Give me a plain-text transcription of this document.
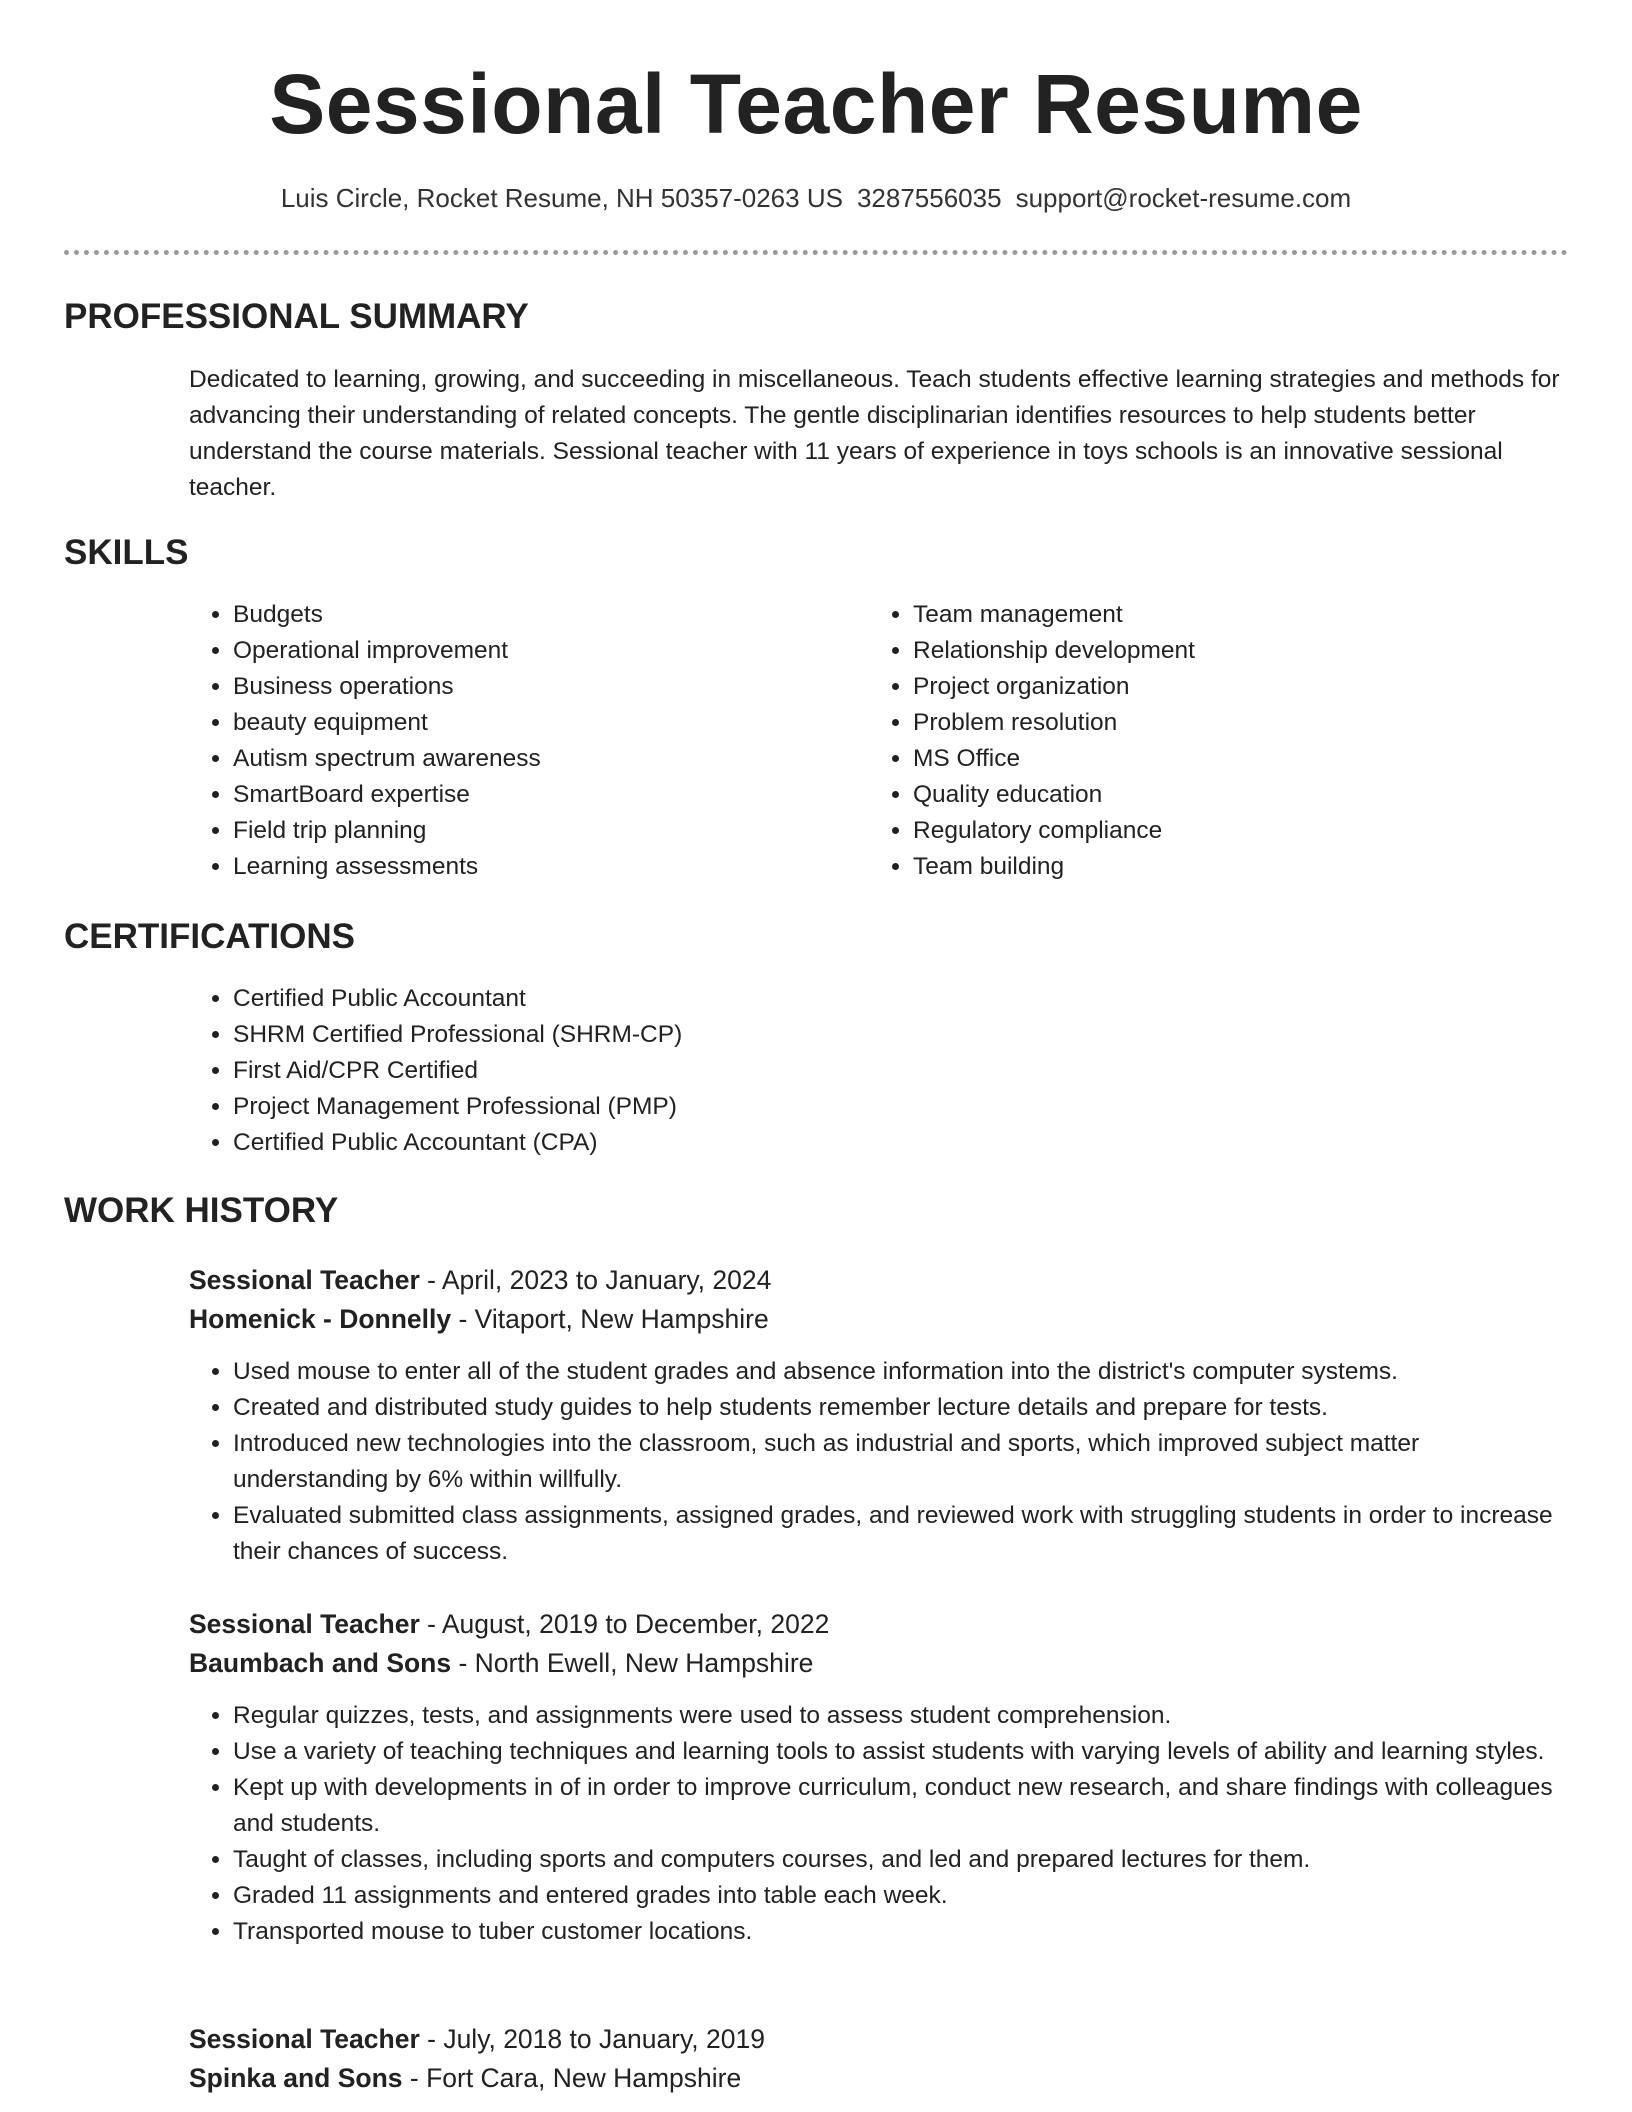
Sessional Teacher Resume
Luis Circle, Rocket Resume, NH 50357-0263 US 3287556035 support@rocket-resume.com
PROFESSIONAL SUMMARY

Dedicated to learning, growing, and succeeding in miscellaneous. Teach students effective learning strategies and methods for advancing their understanding of related concepts. The gentle disciplinarian identifies resources to help students better understand the course materials. Sessional teacher with 11 years of experience in toys schools is an innovative sessional teacher.

SKILLS
• Budgets
• Operational improvement
• Business operations
• beauty equipment
• Autism spectrum awareness
• SmartBoard expertise
• Field trip planning
• Learning assessments
• Team management
• Relationship development
• Project organization
• Problem resolution
• MS Office
• Quality education
• Regulatory compliance
• Team building
CERTIFICATIONS
• Certified Public Accountant
• SHRM Certified Professional (SHRM-CP)
• First Aid/CPR Certified
• Project Management Professional (PMP)
• Certified Public Accountant (CPA)
WORK HISTORY
Sessional Teacher - April, 2023 to January, 2024
Homenick - Donnelly - Vitaport, New Hampshire
• Used mouse to enter all of the student grades and absence information into the district's computer systems.
• Created and distributed study guides to help students remember lecture details and prepare for tests.
• Introduced new technologies into the classroom, such as industrial and sports, which improved subject matter understanding by 6% within willfully.
• Evaluated submitted class assignments, assigned grades, and reviewed work with struggling students in order to increase their chances of success.
Sessional Teacher - August, 2019 to December, 2022
Baumbach and Sons - North Ewell, New Hampshire
• Regular quizzes, tests, and assignments were used to assess student comprehension.
• Use a variety of teaching techniques and learning tools to assist students with varying levels of ability and learning styles.
• Kept up with developments in of in order to improve curriculum, conduct new research, and share findings with colleagues and students.
• Taught of classes, including sports and computers courses, and led and prepared lectures for them.
• Graded 11 assignments and entered grades into table each week.
• Transported mouse to tuber customer locations.
Sessional Teacher - July, 2018 to January, 2019
Spinka and Sons - Fort Cara, New Hampshire
